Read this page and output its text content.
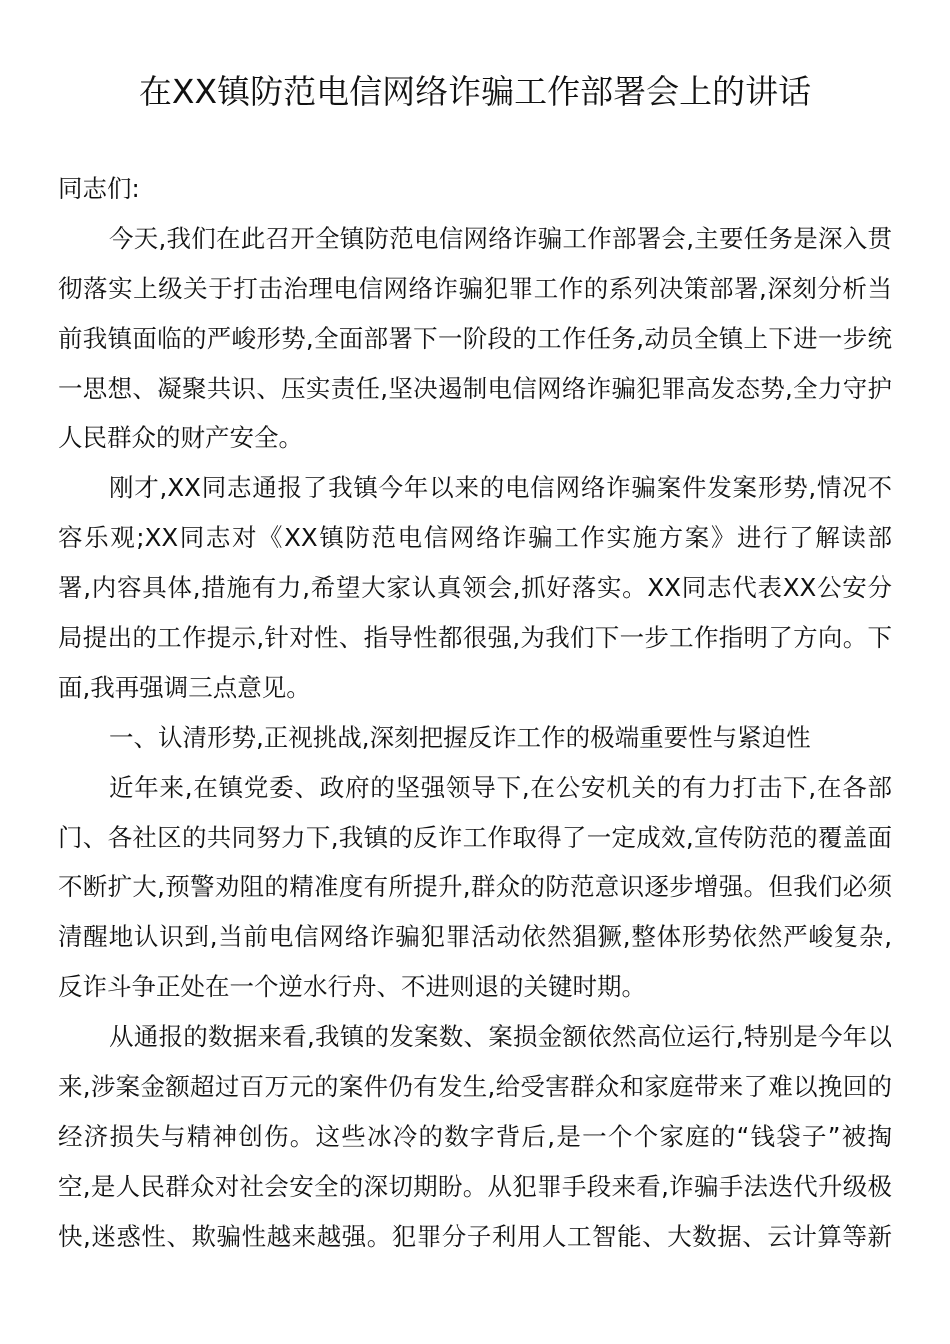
在XX镇防范电信网络诈骗工作部署会上的讲话

同志们:

今天,我们在此召开全镇防范电信网络诈骗工作部署会,主要任务是深入贯

彻落实上级关于打击治理电信网络诈骗犯罪工作的系列决策部署,深刻分析当

前我镇面临的严峻形势,全面部署下一阶段的工作任务,动员全镇上下进一步统

一思想、凝聚共识、压实责任,坚决遏制电信网络诈骗犯罪高发态势,全力守护

人民群众的财产安全。

刚才,XX同志通报了我镇今年以来的电信网络诈骗案件发案形势,情况不

容乐观;XX同志对《XX镇防范电信网络诈骗工作实施方案》进行了解读部

署,内容具体,措施有力,希望大家认真领会,抓好落实。XX同志代表XX公安分

局提出的工作提示,针对性、指导性都很强,为我们下一步工作指明了方向。下

面,我再强调三点意见。

一、认清形势,正视挑战,深刻把握反诈工作的极端重要性与紧迫性

近年来,在镇党委、政府的坚强领导下,在公安机关的有力打击下,在各部

门、各社区的共同努力下,我镇的反诈工作取得了一定成效,宣传防范的覆盖面

不断扩大,预警劝阻的精准度有所提升,群众的防范意识逐步增强。但我们必须

清醒地认识到,当前电信网络诈骗犯罪活动依然猖獗,整体形势依然严峻复杂,

反诈斗争正处在一个逆水行舟、不进则退的关键时期。

从通报的数据来看,我镇的发案数、案损金额依然高位运行,特别是今年以

来,涉案金额超过百万元的案件仍有发生,给受害群众和家庭带来了难以挽回的

经济损失与精神创伤。这些冰冷的数字背后,是一个个家庭的“钱袋子”被掏

空,是人民群众对社会安全的深切期盼。从犯罪手段来看,诈骗手法迭代升级极

快,迷惑性、欺骗性越来越强。犯罪分子利用人工智能、大数据、云计算等新
